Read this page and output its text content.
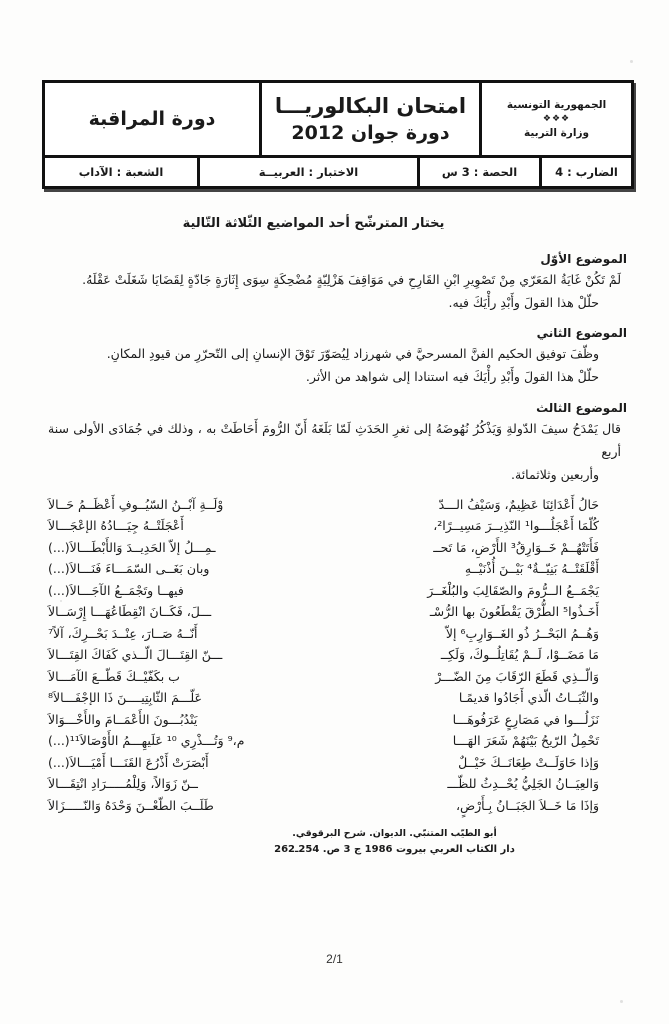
الجمهورية التونسية
❖❖❖
وزارة التربية
امتحان البكالوريـــا
دورة جوان 2012
دورة المراقبة
الضارب : 4
الحصة : 3 س
الاختبار : العربيــة
الشعبة : الآداب
يختار المترشّح أحد المواضيع الثّلاثة التّالية
الموضوع الأوّل
لَمْ تَكُنْ غَايَةُ المَعَرّي مِنْ تَصْوِيرِ ابْنِ القَارِحِ في مَوَاقِفَ هَزْلِيّةٍ مُضْحِكَةٍ سِوَى إِثَارَةٍ جَادّةٍ لِقَضَايَا شَغَلَتْ عَقْلَهُ.
حلّلْ هذا القولَ وأَبْدِ رأْيَكَ فيه.
الموضوع الثاني
وظّفَ توفيق الحكيم الفنَّ المسرحيَّ في شهرزاد لِيُصَوّرَ تَوْقَ الإنسانِ إلى التّحرّرِ من قيودِ المكانِ.
حلّلْ هذا القولَ وأَبْدِ رأْيَكَ فيه استنادا إلى شواهد من الأثر.
الموضوع الثالث
قال يَمْدَحُ سيفَ الدّولةِ وَيَذْكُرُ نُهُوضَهُ إلى ثغرِ الحَدَثِ لَمّا بَلَغَهُ أَنّ الرُّومَ أَحَاطَتْ به ، وذلك في جُمَادَى الأولى سنة أربع
وأربعين وثلاثمائة.
حَالُ أَعْدَائِنَا عَظِيمٌ، وَسَيْفُ الـــدّ
وْلَــةِ آبْــنُ السّيُــوفِ أَعْظَــمُ حَــالاَ
كُلّمَا أَعْجَلُـــوا¹ النّذِيــرَ مَسِيــرًا²،
أَعْجَلَتْــهُ جِيَـــادُهُ الإعْجَـــالاَ
فَأَتَتْهُــمْ خَــوَارِقُ³ الأَرْضِ، مَا تَحــ
ـمِـــلُ إلاّ الحَدِيــدَ وَالأَبْطَـــالاَ(...)
أَقْلَقَتْــهُ بَنِيّــةٌ⁴ بَيْــنَ أُذْنَيْــهِ
وبان بَغَــى السّمَـــاءَ فَنَـــالاَ(...)
يَجْمَــعُ الــرُّومَ والصّقَالِبَ والبُلْغَــرَ
فيهــا وتَجْمَــعُ الآجَـــالاَ(...)
أَخَـذُوا⁵ الطُّرْقَ يَقْطَعُونَ بها الرُّسْـ
ـــلَ، فَكَــانَ انْقِطَاعُهَـــا إِرْسَــالاَ
وَهُــمُ البَحْــرُ ذُو الغَــوَارِبِ⁶ إلاّ
أَنّــهُ صَــارَ، عِنْــدَ بَحْــرِكَ، آلاً⁷
مَا مَضَــوْا، لَــمْ يُقَاتِلُــوكَ، وَلَكِــ
ـــنّ القِتَـــالَ الّــذي كَفَاكَ القِتَـــالاَ
وَالّــذِي قَطَعَ الرّقَابَ مِنَ الضّـــرْ
ب بكَفّيْــكَ قَطّــعَ الآمَـــالاَ
والثّبَــاتُ الّذي أَجَادُوا قديمًـا
عَلّـــمَ الثّابِتِيــــنَ ذَا الإجْفَـــالاَ⁸
نَزَلُـــوا في مَصَارِعٍ عَرَفُوهَـــا
يَنْدُبُـــونَ الأَعْمَــامَ والأَخْـــوَالاَ
تَحْمِلُ الرّيحُ بَيْنَهُمْ شَعَرَ الهَـــا
م،⁹ وَتُـــذْرِي ¹⁰ عَلَيهِـــمُ الأَوْصَالاَ¹¹(...)
وَإذا حَاوَلَــتْ طِعَانَــكَ خَيْــلٌ
أَبْصَرَتْ أَذْرُعَ القَنَـــا أَمْيَـــالاَ(...)
وَالعِيَــانُ الجَلِيُّ يُحْــدِثُ للظّـــ
ــنّ زَوَالاً، وَلِلْمُـــــرَادِ انْتِقَـــالاَ
وَإذَا مَا خَــلاَ الجَبَــانُ بِـأَرْضٍ،
طَلَــبَ الطّعْــنَ وَحْدَهُ وَالنّـــــزَالاَ
أبو الطيّب المتنبّي. الديوان. شرح البرقوقي.
دار الكتاب العربي بيروت 1986 ج 3 ص. 254ـ262
2/1
